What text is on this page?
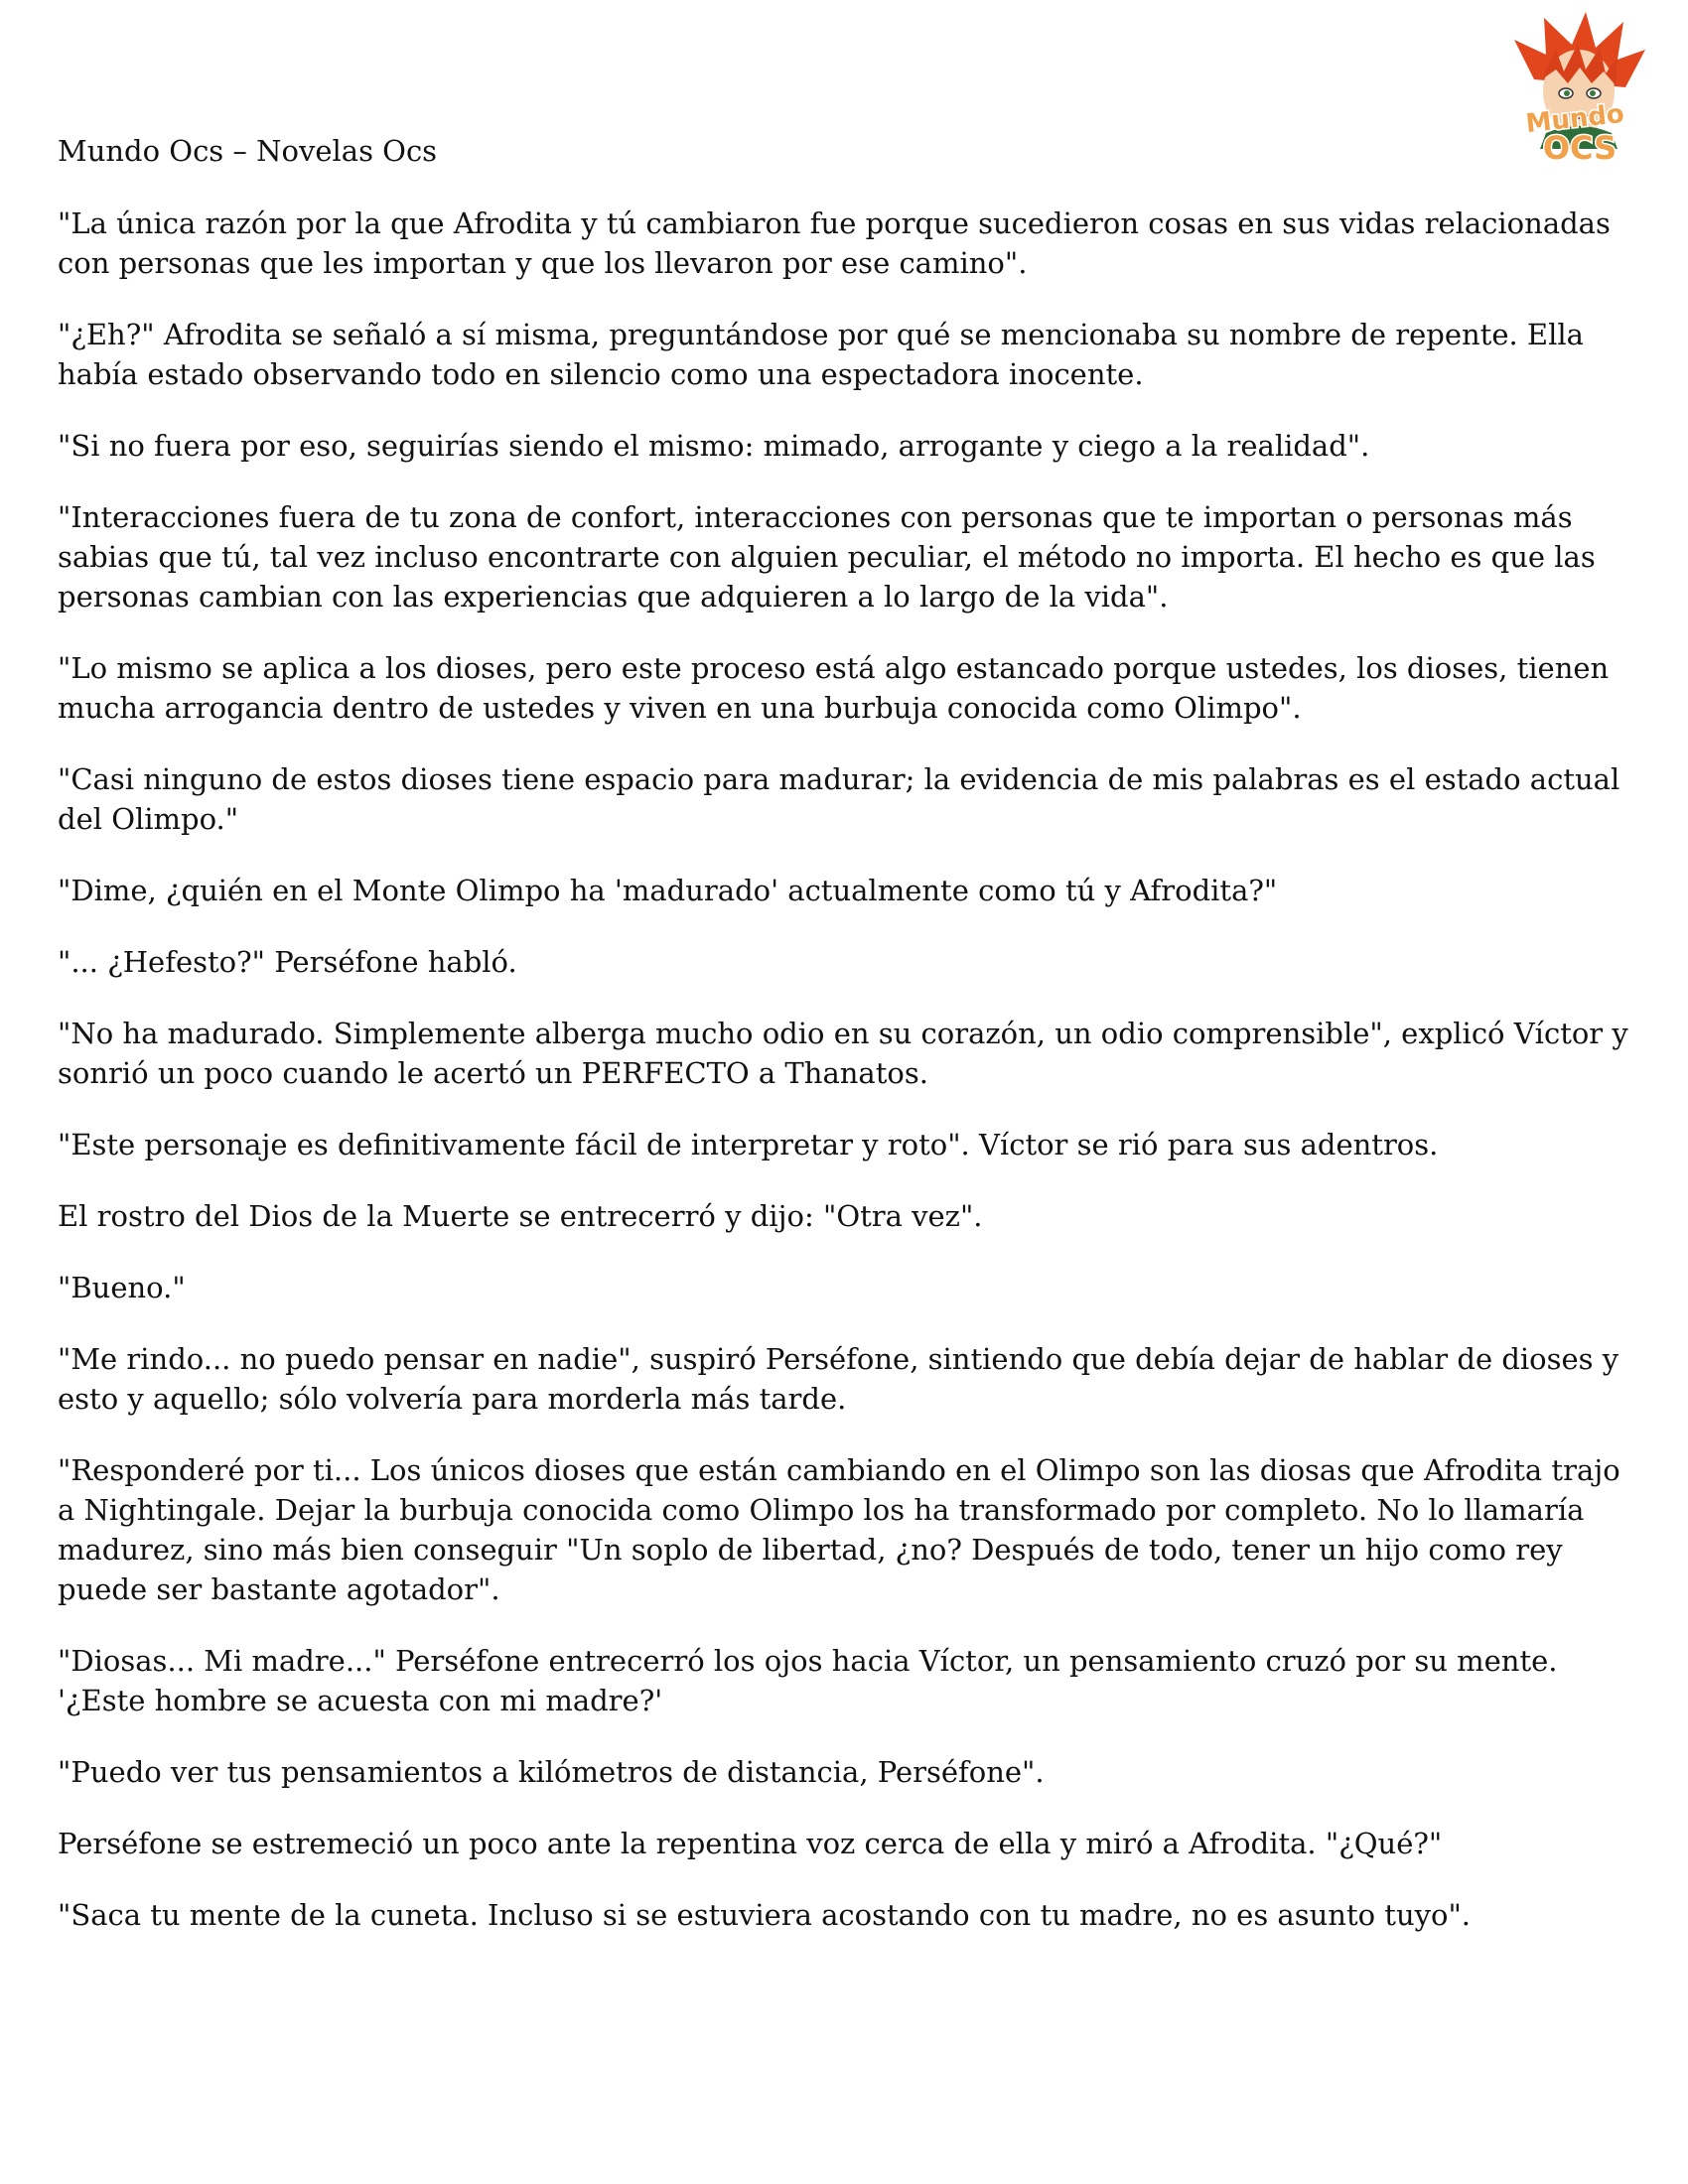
Mundo Ocs – Novelas Ocs
Mundo
OCS

"La única razón por la que Afrodita y tú cambiaron fue porque sucedieron cosas en sus vidas relacionadas con personas que les importan y que los llevaron por ese camino".

"¿Eh?" Afrodita se señaló a sí misma, preguntándose por qué se mencionaba su nombre de repente. Ella había estado observando todo en silencio como una espectadora inocente.

"Si no fuera por eso, seguirías siendo el mismo: mimado, arrogante y ciego a la realidad".

"Interacciones fuera de tu zona de confort, interacciones con personas que te importan o personas más sabias que tú, tal vez incluso encontrarte con alguien peculiar, el método no importa. El hecho es que las personas cambian con las experiencias que adquieren a lo largo de la vida".

"Lo mismo se aplica a los dioses, pero este proceso está algo estancado porque ustedes, los dioses, tienen mucha arrogancia dentro de ustedes y viven en una burbuja conocida como Olimpo".

"Casi ninguno de estos dioses tiene espacio para madurar; la evidencia de mis palabras es el estado actual del Olimpo."

"Dime, ¿quién en el Monte Olimpo ha 'madurado' actualmente como tú y Afrodita?"

"... ¿Hefesto?" Perséfone habló.

"No ha madurado. Simplemente alberga mucho odio en su corazón, un odio comprensible", explicó Víctor y sonrió un poco cuando le acertó un PERFECTO a Thanatos.

"Este personaje es definitivamente fácil de interpretar y roto". Víctor se rió para sus adentros.

El rostro del Dios de la Muerte se entrecerró y dijo: "Otra vez".

"Bueno."

"Me rindo... no puedo pensar en nadie", suspiró Perséfone, sintiendo que debía dejar de hablar de dioses y esto y aquello; sólo volvería para morderla más tarde.

"Responderé por ti... Los únicos dioses que están cambiando en el Olimpo son las diosas que Afrodita trajo a Nightingale. Dejar la burbuja conocida como Olimpo los ha transformado por completo. No lo llamaría madurez, sino más bien conseguir "Un soplo de libertad, ¿no? Después de todo, tener un hijo como rey puede ser bastante agotador".

"Diosas... Mi madre..." Perséfone entrecerró los ojos hacia Víctor, un pensamiento cruzó por su mente. '¿Este hombre se acuesta con mi madre?'

"Puedo ver tus pensamientos a kilómetros de distancia, Perséfone".

Perséfone se estremeció un poco ante la repentina voz cerca de ella y miró a Afrodita. "¿Qué?"

"Saca tu mente de la cuneta. Incluso si se estuviera acostando con tu madre, no es asunto tuyo".
